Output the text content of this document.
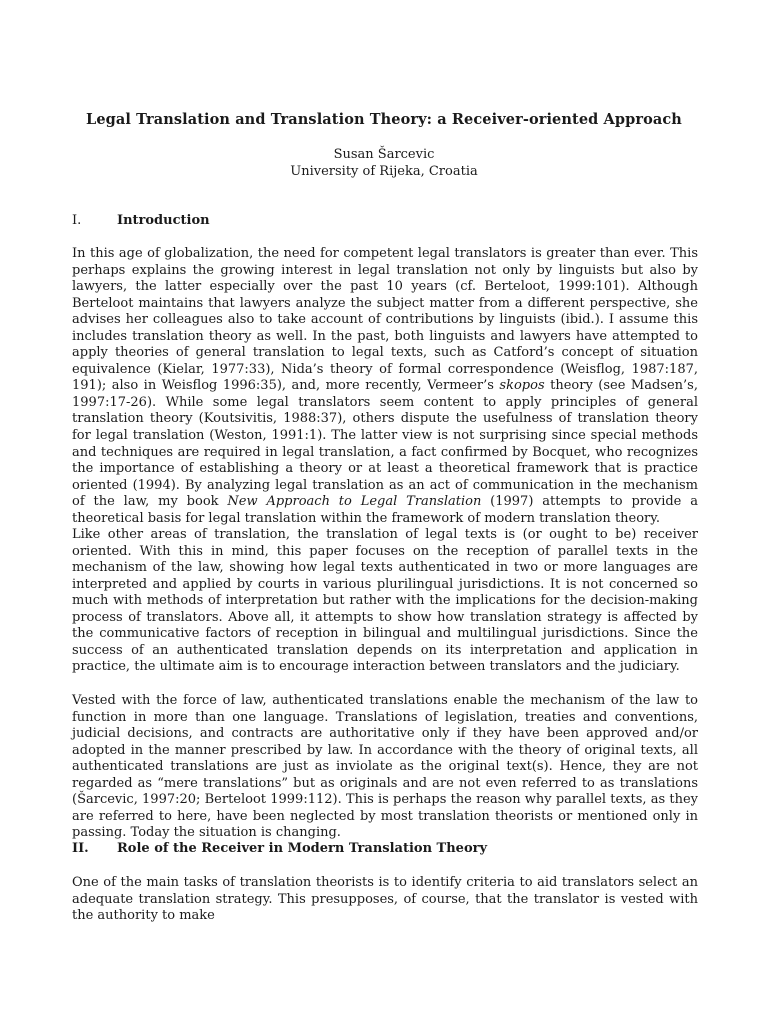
Legal Translation and Translation Theory: a Receiver-oriented Approach
Susan Šarcevic
University of Rijeka, Croatia
I.	Introduction

In this age of globalization, the need for competent legal translators is greater than ever. This perhaps explains the growing interest in legal translation not only by linguists but also by lawyers, the latter especially over the past 10 years (cf. Berteloot, 1999:101). Although Berteloot maintains that lawyers analyze the subject matter from a different perspective, she advises her colleagues also to take account of contributions by linguists (ibid.). I assume this includes translation theory as well. In the past, both linguists and lawyers have attempted to apply theories of general translation to legal texts, such as Catford’s concept of situation equivalence (Kielar, 1977:33), Nida’s theory of formal correspondence (Weisflog, 1987:187, 191); also in Weisflog 1996:35), and, more recently, Vermeer’s skopos theory (see Madsen’s, 1997:17-26). While some legal translators seem content to apply principles of general translation theory (Koutsivitis, 1988:37), others dispute the usefulness of translation theory for legal translation (Weston, 1991:1). The latter view is not surprising since special methods and techniques are required in legal translation, a fact confirmed by Bocquet, who recognizes the importance of establishing a theory or at least a theoretical framework that is practice oriented (1994). By analyzing legal translation as an act of communication in the mechanism of the law, my book New Approach to Legal Translation (1997) attempts to provide a theoretical basis for legal translation within the framework of modern translation theory.

Like other areas of translation, the translation of legal texts is (or ought to be) receiver oriented. With this in mind, this paper focuses on the reception of parallel texts in the mechanism of the law, showing how legal texts authenticated in two or more languages are interpreted and applied by courts in various plurilingual jurisdictions. It is not concerned so much with methods of interpretation but rather with the implications for the decision-making process of translators. Above all, it attempts to show how translation strategy is affected by the communicative factors of reception in bilingual and multilingual jurisdictions. Since the success of an authenticated translation depends on its interpretation and application in practice, the ultimate aim is to encourage interaction between translators and the judiciary.

Vested with the force of law, authenticated translations enable the mechanism of the law to function in more than one language. Translations of legislation, treaties and conventions, judicial decisions, and contracts are authoritative only if they have been approved and/or adopted in the manner prescribed by law. In accordance with the theory of original texts, all authenticated translations are just as inviolate as the original text(s). Hence, they are not regarded as “mere translations” but as originals and are not even referred to as translations (Šarcevic, 1997:20; Berteloot 1999:112). This is perhaps the reason why parallel texts, as they are referred to here, have been neglected by most translation theorists or mentioned only in passing. Today the situation is changing.

II. Role of the Receiver in Modern Translation Theory

One of the main tasks of translation theorists is to identify criteria to aid translators select an adequate translation strategy. This presupposes, of course, that the translator is vested with the authority to make
